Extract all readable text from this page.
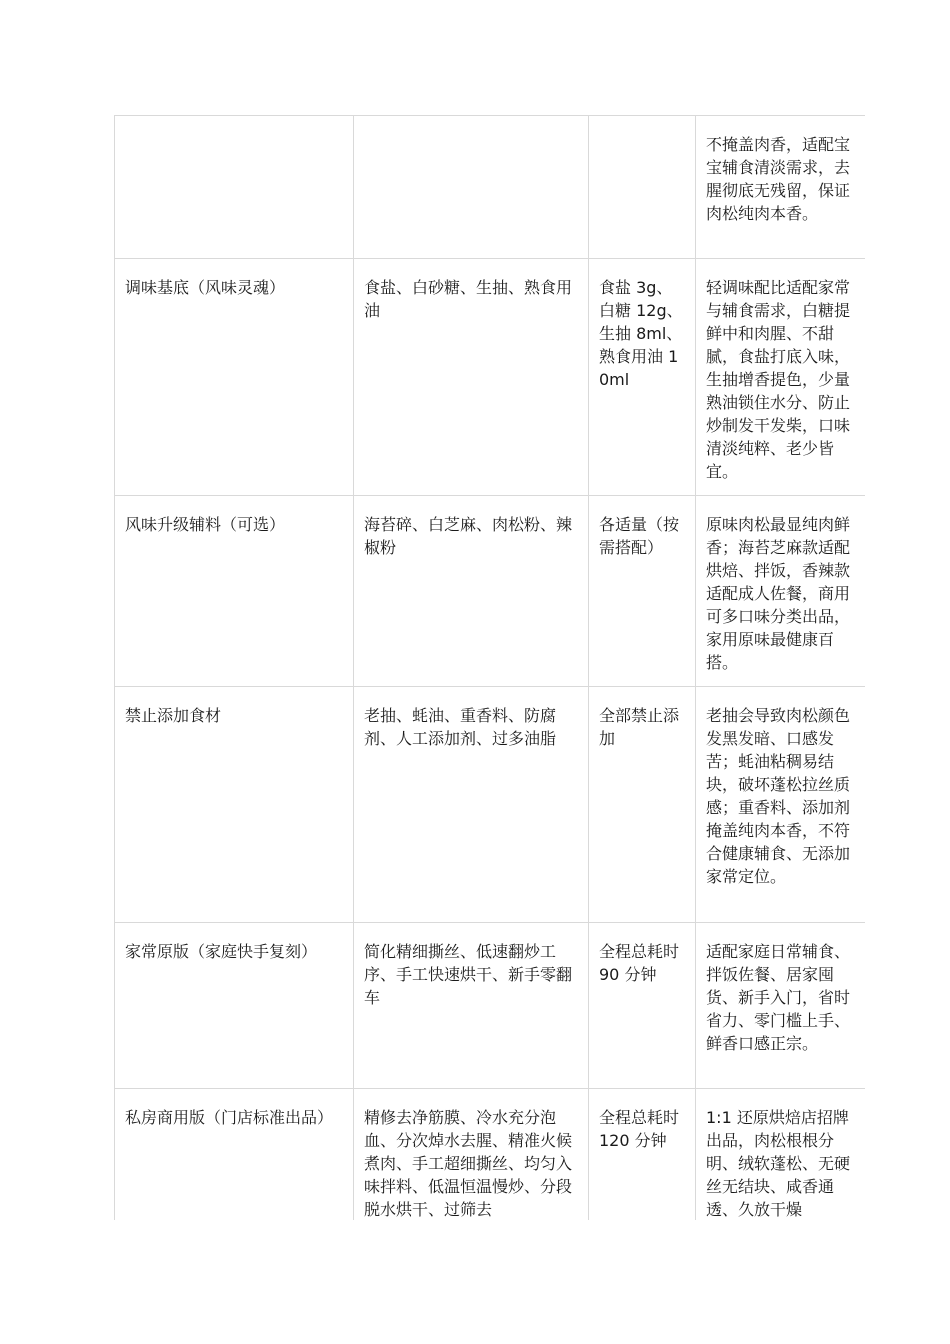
			不掩盖肉香，适配宝宝辅食清淡需求，去腥彻底无残留，保证肉松纯肉本香。
调味基底（风味灵魂）	食盐、白砂糖、生抽、熟食用油	食盐 3g、白糖 12g、生抽 8ml、熟食用油 10ml	轻调味配比适配家常与辅食需求，白糖提鲜中和肉腥、不甜腻，食盐打底入味，生抽增香提色，少量熟油锁住水分、防止炒制发干发柴，口味清淡纯粹、老少皆宜。
风味升级辅料（可选）	海苔碎、白芝麻、肉松粉、辣椒粉	各适量（按需搭配）	原味肉松最显纯肉鲜香；海苔芝麻款适配烘焙、拌饭，香辣款适配成人佐餐，商用可多口味分类出品，家用原味最健康百搭。
禁止添加食材	老抽、蚝油、重香料、防腐剂、人工添加剂、过多油脂	全部禁止添加	老抽会导致肉松颜色发黑发暗、口感发苦；蚝油粘稠易结块，破坏蓬松拉丝质感；重香料、添加剂掩盖纯肉本香，不符合健康辅食、无添加家常定位。
家常原版（家庭快手复刻）	简化精细撕丝、低速翻炒工序、手工快速烘干、新手零翻车	全程总耗时 90 分钟	适配家庭日常辅食、拌饭佐餐、居家囤货、新手入门，省时省力、零门槛上手、鲜香口感正宗。
私房商用版（门店标准出品）	精修去净筋膜、冷水充分泡血、分次焯水去腥、精准火候煮肉、手工超细撕丝、均匀入味拌料、低温恒温慢炒、分段脱水烘干、过筛去	全程总耗时 120 分钟	1:1 还原烘焙店招牌出品，肉松根根分明、绒软蓬松、无硬丝无结块、咸香通透、久放干燥
